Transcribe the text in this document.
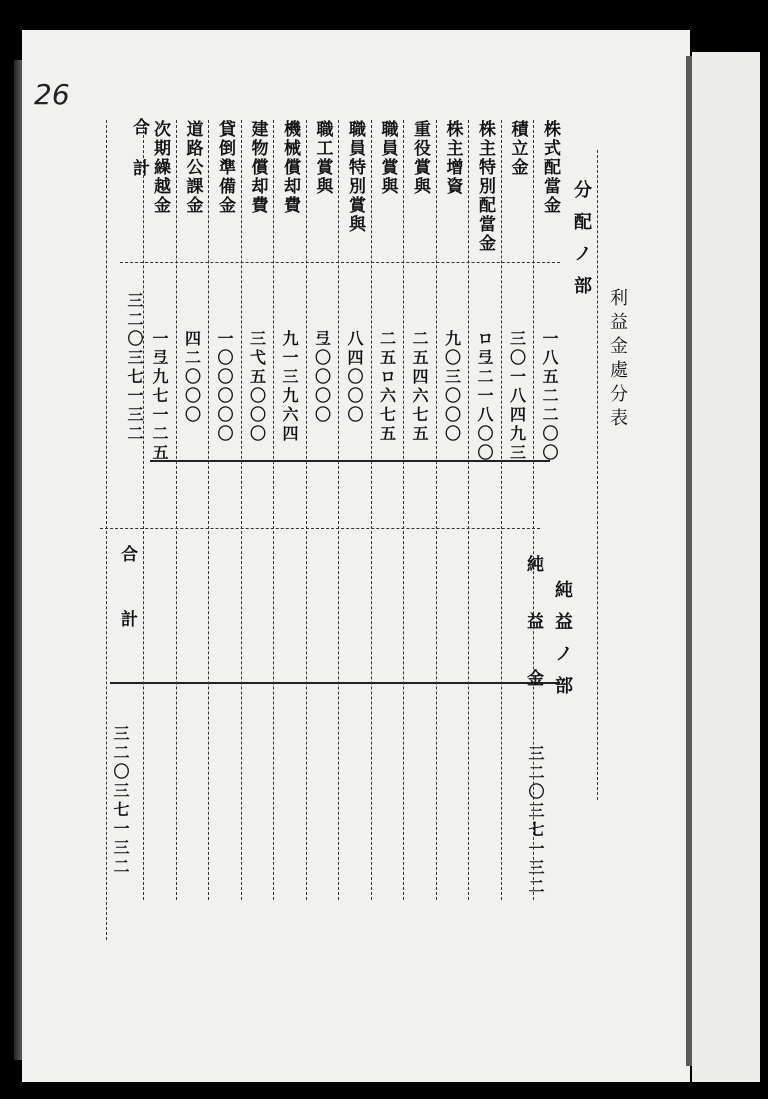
26
利益金處分表
分配ノ部
株式配當金
一八五二二〇〇
積立金
三〇一八四九三
株主特別配當金
ロ弖二一八〇〇
株主增資
九〇三〇〇〇
重役賞與
二五四六七五
職員賞與
二五ロ六七五
職員特別賞與
八四〇〇〇
職工賞與
弖〇〇〇〇
機械償却費
九一三九六四
建物償却費
三弋五〇〇〇
貸倒準備金
一〇〇〇〇〇
道路公課金
四二〇〇〇
次期繰越金
一弖九七一二五
合 計
三二〇三七一三二
純益ノ部
純 益 金
三二〇三七一三二
合 計
三二〇三七一三二
